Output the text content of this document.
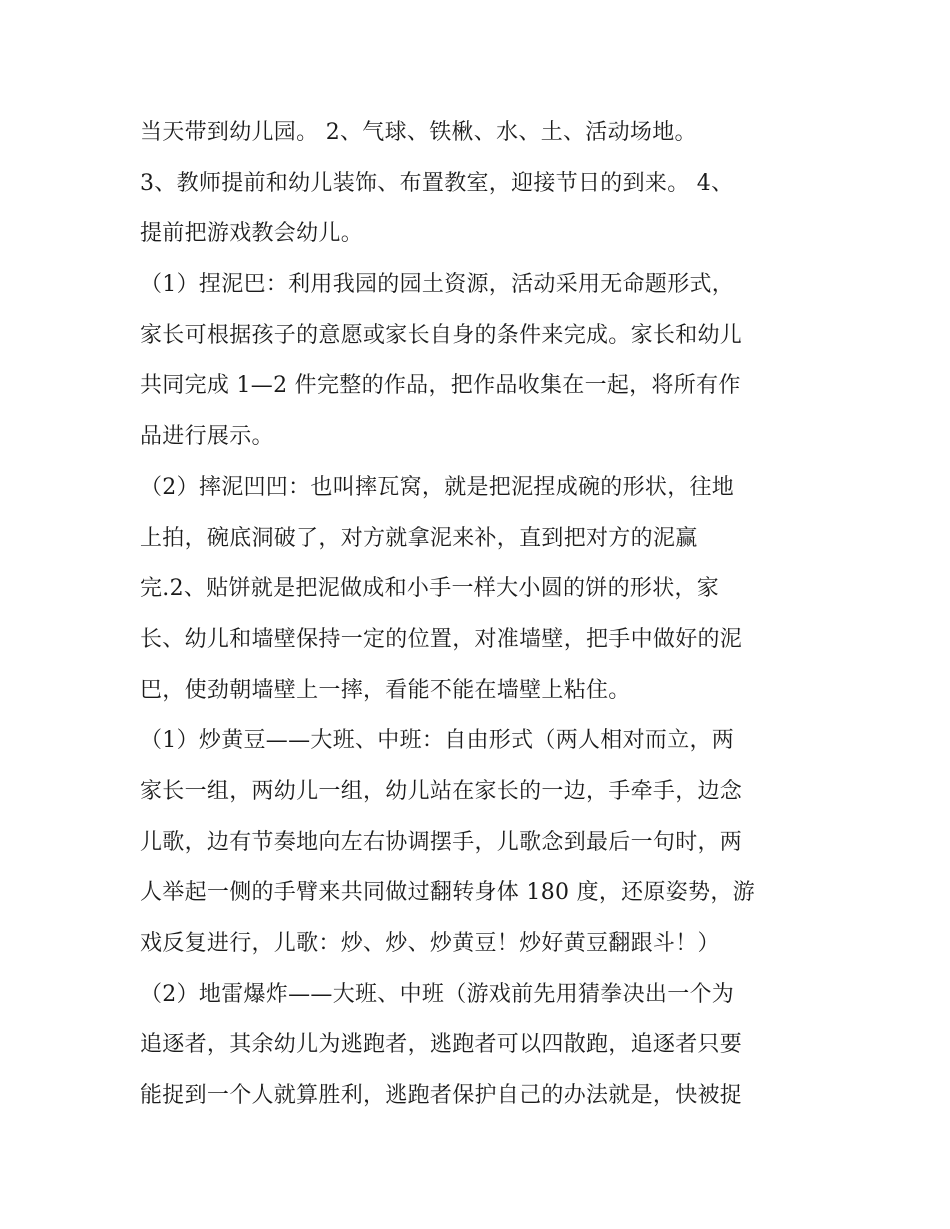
当天带到幼儿园。 2、气球、铁楸、水、土、活动场地。
3、教师提前和幼儿装饰、布置教室，迎接节日的到来。 4、
提前把游戏教会幼儿。
（1）捏泥巴：利用我园的园土资源，活动采用无命题形式，
家长可根据孩子的意愿或家长自身的条件来完成。家长和幼儿
共同完成 1—2 件完整的作品，把作品收集在一起，将所有作
品进行展示。
（2）摔泥凹凹：也叫摔瓦窝，就是把泥捏成碗的形状，往地
上拍，碗底洞破了，对方就拿泥来补，直到把对方的泥赢
完.2、贴饼就是把泥做成和小手一样大小圆的饼的形状，家
长、幼儿和墙壁保持一定的位置，对准墙壁，把手中做好的泥
巴，使劲朝墙壁上一摔，看能不能在墙壁上粘住。
（1）炒黄豆——大班、中班：自由形式（两人相对而立，两
家长一组，两幼儿一组，幼儿站在家长的一边，手牵手，边念
儿歌，边有节奏地向左右协调摆手，儿歌念到最后一句时，两
人举起一侧的手臂来共同做过翻转身体 180 度，还原姿势，游
戏反复进行，儿歌：炒、炒、炒黄豆！炒好黄豆翻跟斗！）
（2）地雷爆炸——大班、中班（游戏前先用猜拳决出一个为
追逐者，其余幼儿为逃跑者，逃跑者可以四散跑，追逐者只要
能捉到一个人就算胜利，逃跑者保护自己的办法就是，快被捉
